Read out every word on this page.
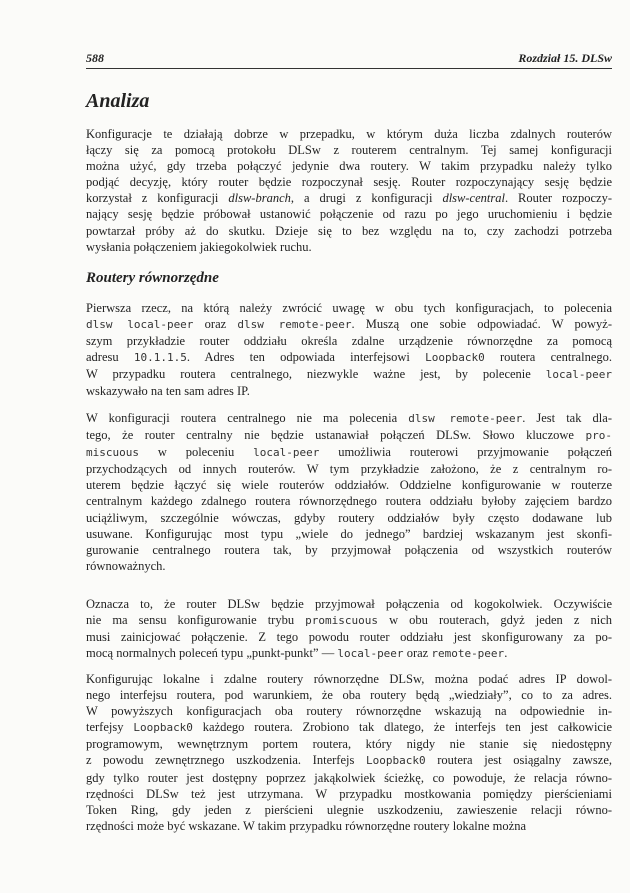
588	Rozdział 15. DLSw
Analiza
Konfiguracje te działają dobrze w przepadku, w którym duża liczba zdalnych routerów
łączy się za pomocą protokołu DLSw z routerem centralnym. Tej samej konfiguracji
można użyć, gdy trzeba połączyć jedynie dwa routery. W takim przypadku należy tylko
podjąć decyzję, który router będzie rozpoczynał sesję. Router rozpoczynający sesję będzie
korzystał z konfiguracji dlsw-branch, a drugi z konfiguracji dlsw-central. Router rozpoczy-
nający sesję będzie próbował ustanowić połączenie od razu po jego uruchomieniu i będzie
powtarzał próby aż do skutku. Dzieje się to bez względu na to, czy zachodzi potrzeba
wysłania połączeniem jakiegokolwiek ruchu.
Routery równorzędne
Pierwsza rzecz, na którą należy zwrócić uwagę w obu tych konfiguracjach, to polecenia
dlsw local-peer oraz dlsw remote-peer. Muszą one sobie odpowiadać. W powyż-
szym przykładzie router oddziału określa zdalne urządzenie równorzędne za pomocą
adresu 10.1.1.5. Adres ten odpowiada interfejsowi Loopback0 routera centralnego.
W przypadku routera centralnego, niezwykle ważne jest, by polecenie local-peer
wskazywało na ten sam adres IP.
W konfiguracji routera centralnego nie ma polecenia dlsw remote-peer. Jest tak dla-
tego, że router centralny nie będzie ustanawiał połączeń DLSw. Słowo kluczowe pro-
miscuous w poleceniu local-peer umożliwia routerowi przyjmowanie połączeń
przychodzących od innych routerów. W tym przykładzie założono, że z centralnym ro-
uterem będzie łączyć się wiele routerów oddziałów. Oddzielne konfigurowanie w routerze
centralnym każdego zdalnego routera równorzędnego routera oddziału byłoby zajęciem bardzo
uciążliwym, szczególnie wówczas, gdyby routery oddziałów były często dodawane lub
usuwane. Konfigurując most typu „wiele do jednego” bardziej wskazanym jest skonfi-
gurowanie centralnego routera tak, by przyjmował połączenia od wszystkich routerów
równoważnych.
Oznacza to, że router DLSw będzie przyjmował połączenia od kogokolwiek. Oczywiście
nie ma sensu konfigurowanie trybu promiscuous w obu routerach, gdyż jeden z nich
musi zainicjować połączenie. Z tego powodu router oddziału jest skonfigurowany za po-
mocą normalnych poleceń typu „punkt-punkt” — local-peer oraz remote-peer.
Konfigurując lokalne i zdalne routery równorzędne DLSw, można podać adres IP dowol-
nego interfejsu routera, pod warunkiem, że oba routery będą „wiedziały”, co to za adres.
W powyższych konfiguracjach oba routery równorzędne wskazują na odpowiednie in-
terfejsy Loopback0 każdego routera. Zrobiono tak dlatego, że interfejs ten jest całkowicie
programowym, wewnętrznym portem routera, który nigdy nie stanie się niedostępny
z powodu zewnętrznego uszkodzenia. Interfejs Loopback0 routera jest osiągalny zawsze,
gdy tylko router jest dostępny poprzez jakąkolwiek ścieżkę, co powoduje, że relacja równo-
rzędności DLSw też jest utrzymana. W przypadku mostkowania pomiędzy pierścieniami
Token Ring, gdy jeden z pierścieni ulegnie uszkodzeniu, zawieszenie relacji równo-
rzędności może być wskazane. W takim przypadku równorzędne routery lokalne można
